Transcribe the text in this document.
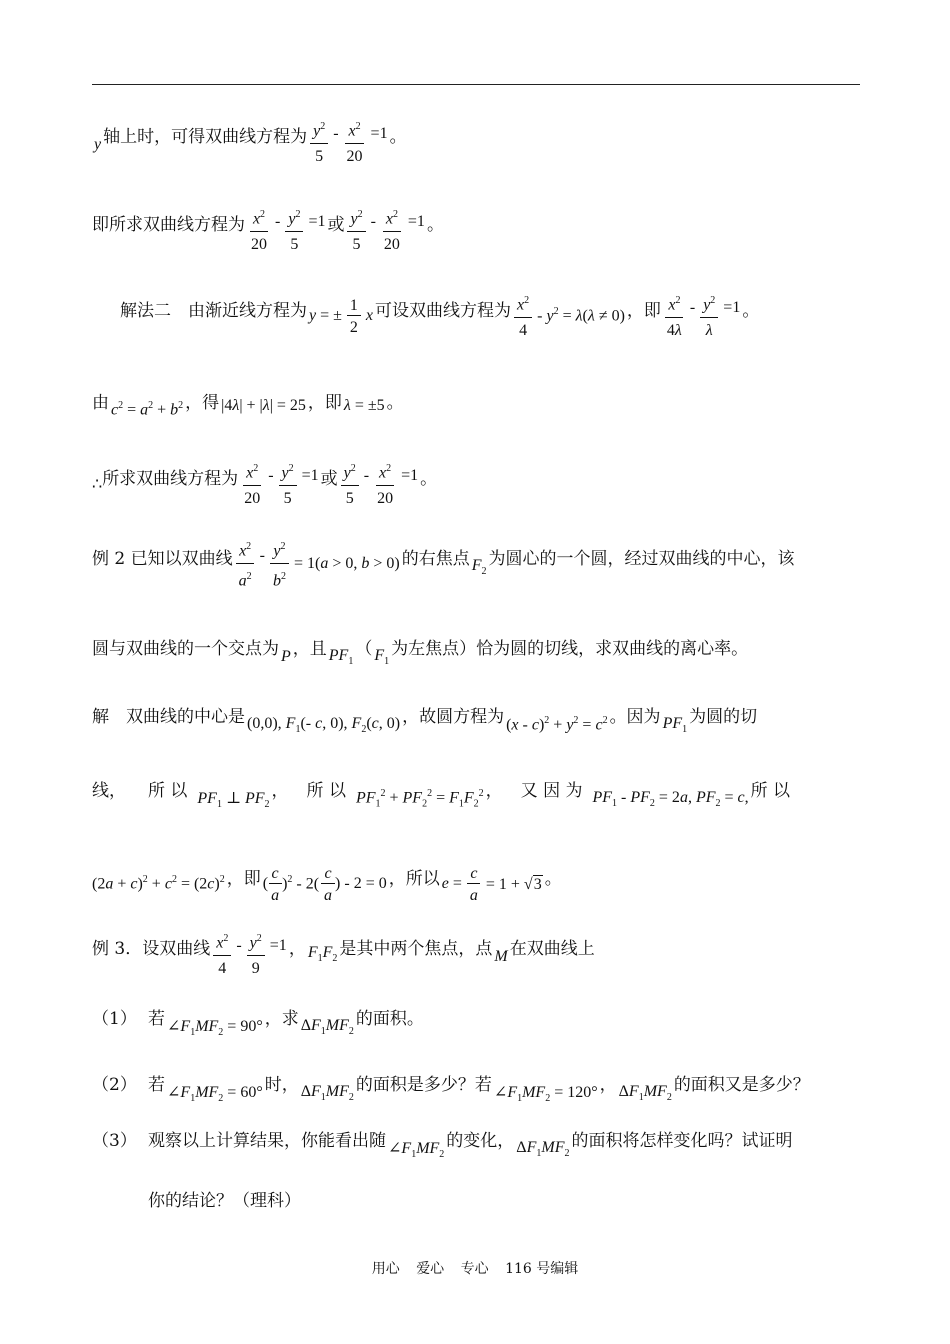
y 轴上时，可得双曲线方程为 $\frac{y^2}{5} - \frac{x^2}{20} =1$ 。
即所求双曲线方程为 $\frac{x^2}{20} - \frac{y^2}{5} =1$ 或 $\frac{y^2}{5} - \frac{x^2}{20} =1$ 。
解法二　由渐近线方程为 y = ± $\frac{1}{2}$ x 可设双曲线方程为 $\frac{x^2}{4} - y^2 = \lambda(\lambda \ne 0)$ ，即 $\frac{x^2}{4\lambda} - \frac{y^2}{\lambda} =1$ 。
由 $c^2 = a^2 + b^2$ ，得 |4λ| + |λ| = 25 ，即 λ = ±5 。
∴ 所求双曲线方程为 $\frac{x^2}{20} - \frac{y^2}{5} =1$ 或 $\frac{y^2}{5} - \frac{x^2}{20} =1$ 。
例 2 已知以双曲线 $\frac{x^2}{a^2} - \frac{y^2}{b^2} = 1(a > 0$, b > 0) 的右焦点 $F_2$
为圆心的一个圆，经过双曲线的中心，该
圆与双曲线的一个交点为 P ，且 $PF_1$
（ $F_1$
为左焦点）恰为圆的切线，求双曲线的离心率。
解　双曲线的中心是 (0,0), $F_1(-$ c, 0), $F_2(c$, 0) ，故圆方程为 $(x - c)^2 + y^2 = c^2$ 。因为 $PF_1$
为圆的切
线， 所 以 $PF_1$ ⊥ $PF_2$
， 所 以 $PF_1^2 + PF_2^2 = F_1F_2^2$ ， 又 因 为 $PF_1 - PF_2 = 2a$, $PF_2 = c$, 所 以
$(2a + c)^2 + c^2 = (2c)^2$ ，即 ( $\frac{c}{a} )^2 - 2( \frac{c}{a}$ ) - 2 = 0 ，所以 $e = \frac{c}{a} = 1 + √3$ 。
例 3．设双曲线 $\frac{x^2}{4} - \frac{y^2}{9} =1$ ， $F_1F_2$
是其中两个焦点，点 M 在双曲线上
（1） 若 $\angle F_1MF_2 = 90^\circ$ ，求 $\Delta F_1MF_2$
的面积。
（2） 若 $\angle F_1MF_2 = 60^\circ$ 时， $\Delta F_1MF_2$
的面积是多少？若 $\angle F_1MF_2 = 120^\circ$ ， $\Delta F_1MF_2$
的面积又是多少？
（3） 观察以上计算结果，你能看出随 $\angle F_1MF_2$
的变化， $\Delta F_1MF_2$
的面积将怎样变化吗？试证明
你的结论？（理科）
用心 爱心 专心 116 号编辑
